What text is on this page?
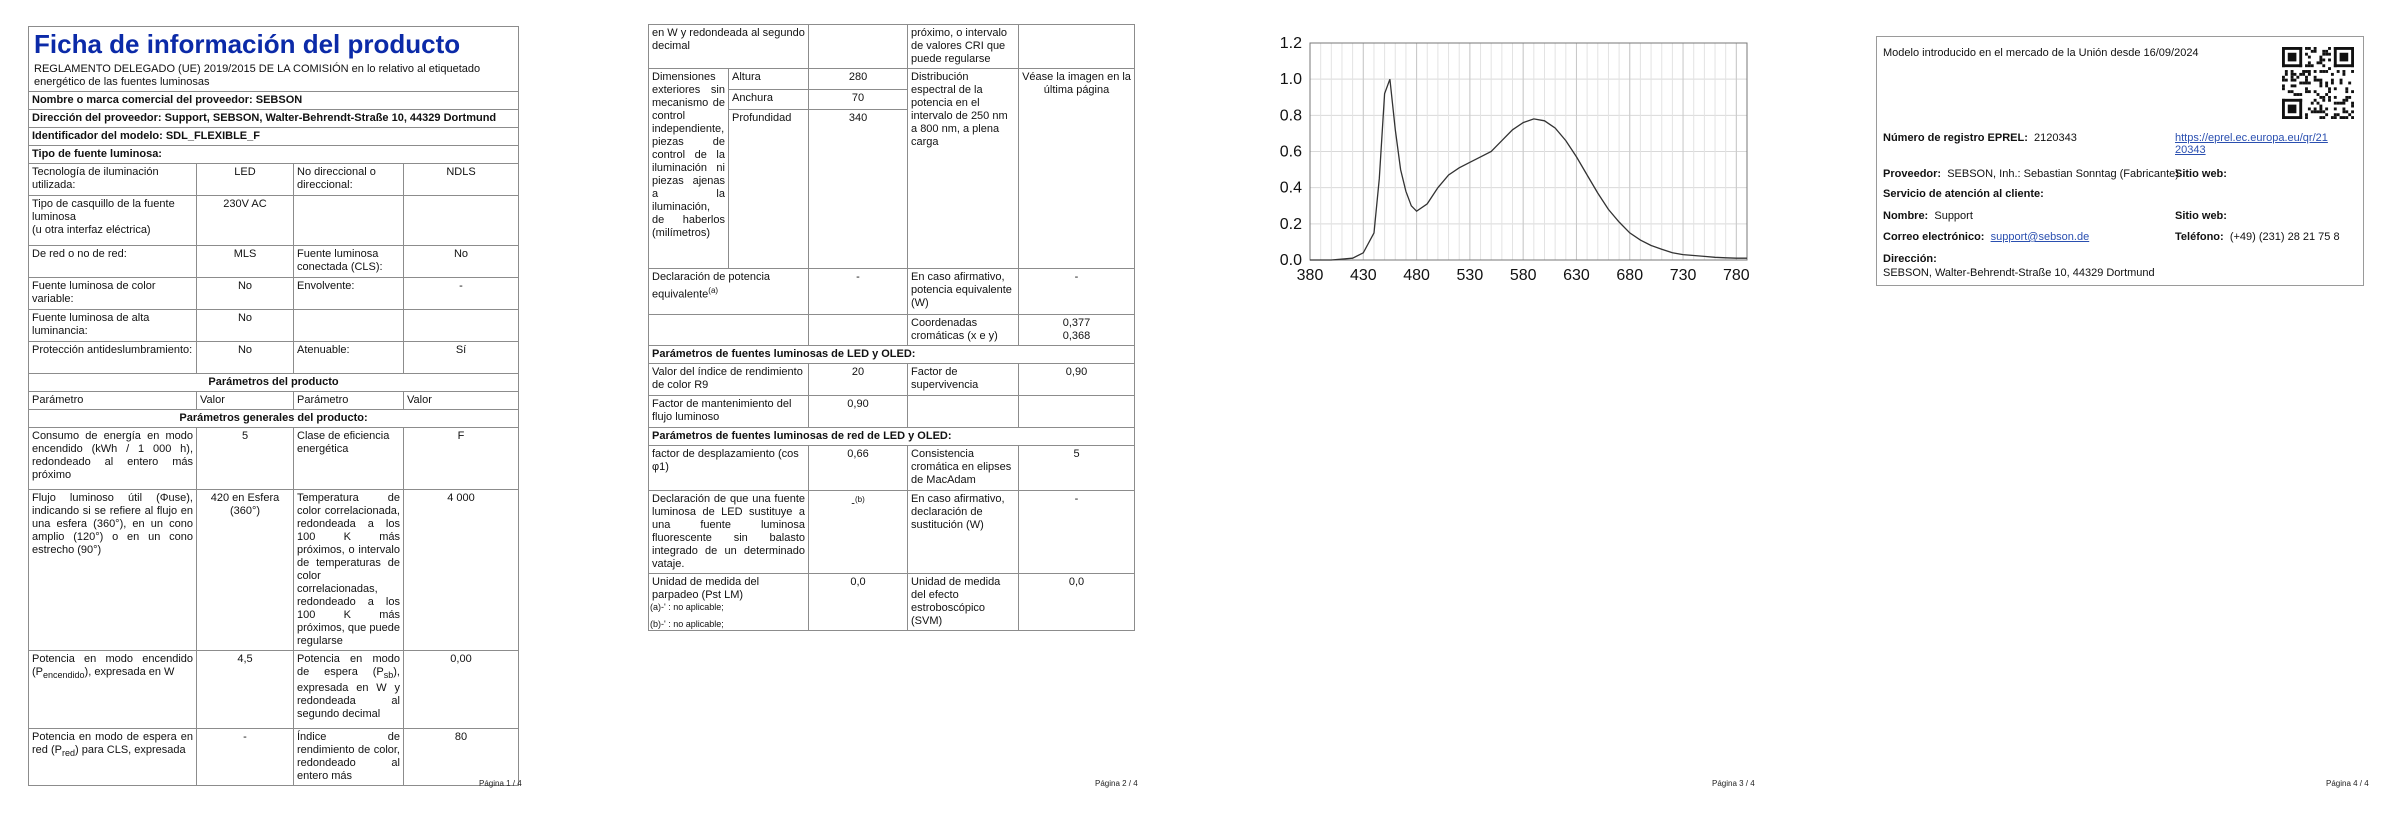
Ficha de información del producto
REGLAMENTO DELEGADO (UE) 2019/2015 DE LA COMISIÓN en lo relativo al etiquetado energético de las fuentes luminosas			

Nombre o marca comercial del proveedor: SEBSON			
Dirección del proveedor: Support, SEBSON, Walter-Behrendt-Straße 10, 44329 Dortmund			
Identificador del modelo: SDL_FLEXIBLE_F			
Tipo de fuente luminosa:			
Tecnología de iluminación utilizada:	LED	No direccional o direccional:	NDLS
Tipo de casquillo de la fuente luminosa
(u otra interfaz eléctrica)	230V AC		
De red o no de red:	MLS	Fuente luminosa conectada (CLS):	No
Fuente luminosa de color variable:	No	Envolvente:	-
Fuente luminosa de alta luminancia:	No		
Protección antideslumbramiento:	No	Atenuable:	Sí
Parámetros del producto			
Parámetro	Valor	Parámetro	Valor
Parámetros generales del producto:			
Consumo de energía en modo encendido (kWh / 1 000 h), redondeado al entero más próximo	5	Clase de eficiencia energética	F
Flujo luminoso útil (Φuse), indicando si se refiere al flujo en una esfera (360°), en un cono amplio (120°) o en un cono estrecho (90°)	420 en Esfera (360°)	Temperatura de color correlacionada, redondeada a los 100 K más próximos, o intervalo de temperaturas de color correlacionadas, redondeado a los 100 K más próximos, que puede regularse	4 000
Potencia en modo encendido $(P_{encendido})$, expresada en W	4,5	Potencia en modo de espera $(P_{sb})$, expresada en W y redondeada al segundo decimal	0,00
Potencia en modo de espera en red $(P_{red})$ para CLS, expresada	-	Índice de rendimiento de color, redondeado al entero más	80
Página 1 / 4
en W y redondeada al segundo decimal			próximo, o intervalo de valores CRI que puede regularse	
Dimensiones exteriores sin mecanismo de control independiente, piezas de control de la iluminación ni piezas ajenas a la iluminación, de haberlos (milímetros)	Altura	280	Distribución espectral de la potencia en el intervalo de 250 nm a 800 nm, a plena carga	Véase la imagen en la última página
	Anchura	70		
	Profundidad	340		
Declaración de potencia equivalente$^{(a)}$		-	En caso afirmativo, potencia equivalente (W)	-
			Coordenadas cromáticas (x e y)	0,377
0,368

Parámetros de fuentes luminosas de LED y OLED:				
Valor del índice de rendimiento de color R9		20	Factor de supervivencia	0,90
Factor de mantenimiento del flujo luminoso		0,90		
Parámetros de fuentes luminosas de red de LED y OLED:				
factor de desplazamiento (cos φ1)		0,66	Consistencia cromática en elipses de MacAdam	5
Declaración de que una fuente luminosa de LED sustituye a una fuente luminosa fluorescente sin balasto integrado de un determinado vataje.		-$^{(b)}$	En caso afirmativo, declaración de sustitución (W)	-
Unidad de medida del parpadeo (Pst LM)		0,0	Unidad de medida del efecto estroboscópico (SVM)	0,0
(a)-' : no aplicable;
(b)-' : no aplicable;
Página 2 / 4
0.0
0.2
0.4
0.6
0.8
1.0
1.2
380 430 480 530 580 630 680 730 780
Página 3 / 4
Modelo introducido en el mercado de la Unión desde 16/09/2024
Número de registro EPREL: 2120343	https://eprel.ec.europa.eu/qr/21
20343
Proveedor: SEBSON, Inh.: Sebastian Sonntag (Fabricante)
Sitio web:
Servicio de atención al cliente:
Nombre: Support	Sitio web:
Correo electrónico: support@sebson.de	Teléfono: (+49) (231) 28 21 75 8
Dirección:
SEBSON, Walter-Behrendt-Straße 10, 44329 Dortmund
Página 4 / 4
